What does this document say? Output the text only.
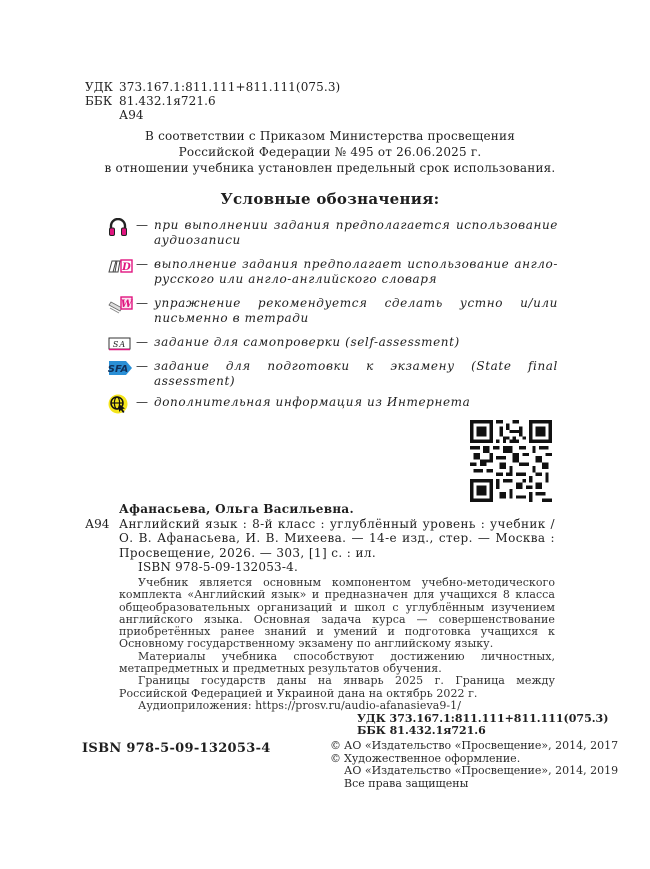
УДК 373.167.1:811.111+811.111(075.3)
ББК 81.432.1я721.6
А94
В соответствии с Приказом Министерства просвещения
Российской Федерации № 495 от 26.06.2025 г.
в отношении учебника установлен предельный срок использования.
Условные обозначения:
— при выполнении задания предполагается использование аудиозаписи
D — выполнение задания предполагает использование англо-русского или англо-английского словаря
W — упражнение рекомендуется сделать устно и/или письменно в тетради
SA — задание для самопроверки (self-assessment)
SFA — задание для подготовки к экзамену (State final assessment)
— дополнительная информация из Интернета
Афанасьева, Ольга Васильевна.
А94 Английский язык : 8-й класс : углублённый уровень : учебник / О. В. Афанасьева, И. В. Михеева. — 14-е изд., стер. — Москва : Просвещение, 2026. — 303, [1] с. : ил.
ISBN 978-5-09-132053-4.

Учебник является основным компонентом учебно-методического комплекта «Английский язык» и предназначен для учащихся 8 класса общеобразовательных организаций и школ с углублённым изучением английского языка. Основная задача курса — совершенствование приобретённых ранее знаний и умений и подготовка учащихся к Основному государственному экзамену по английскому языку.

Материалы учебника способствуют достижению личностных, метапредметных и предметных результатов обучения.

Границы государств даны на январь 2025 г. Граница между Российской Федерацией и Украиной дана на октябрь 2022 г.

Аудиоприложения: https://prosv.ru/audio-afanasieva9-1/

УДК 373.167.1:811.111+811.111(075.3)
ББК 81.432.1я721.6
ISBN 978-5-09-132053-4	© АО «Издательство «Просвещение», 2014, 2017
© Художественное оформление.
АО «Издательство «Просвещение», 2014, 2019
Все права защищены
